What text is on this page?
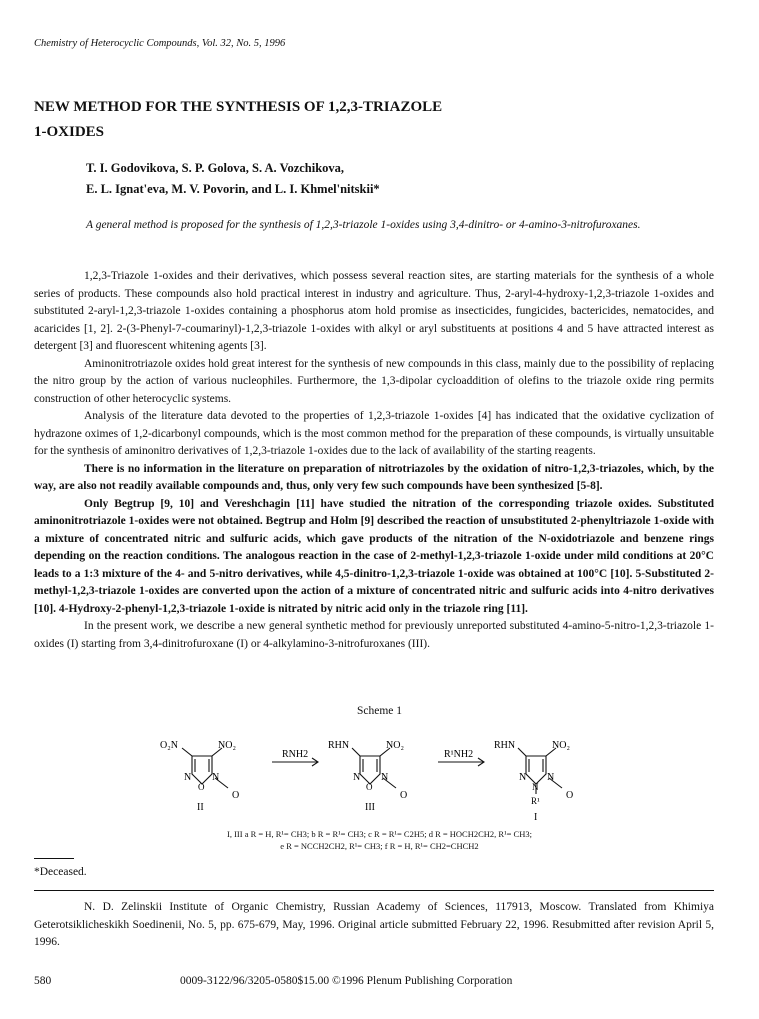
Chemistry of Heterocyclic Compounds, Vol. 32, No. 5, 1996
NEW METHOD FOR THE SYNTHESIS OF 1,2,3-TRIAZOLE
1-OXIDES
T. I. Godovikova, S. P. Golova, S. A. Vozchikova,
E. L. Ignat'eva, M. V. Povorin, and L. I. Khmel'nitskii*
A general method is proposed for the synthesis of 1,2,3-triazole 1-oxides using 3,4-dinitro- or 4-amino-3-nitrofuroxanes.

1,2,3-Triazole 1-oxides and their derivatives, which possess several reaction sites, are starting materials for the synthesis of a whole series of products. These compounds also hold practical interest in industry and agriculture. Thus, 2-aryl-4-hydroxy-1,2,3-triazole 1-oxides and substituted 2-aryl-1,2,3-triazole 1-oxides containing a phosphorus atom hold promise as insecticides, fungicides, bactericides, nematocides, and acaricides [1, 2]. 2-(3-Phenyl-7-coumarinyl)-1,2,3-triazole 1-oxides with alkyl or aryl substituents at positions 4 and 5 have attracted interest as detergent [3] and fluorescent whitening agents [3].

Aminonitrotriazole oxides hold great interest for the synthesis of new compounds in this class, mainly due to the possibility of replacing the nitro group by the action of various nucleophiles. Furthermore, the 1,3-dipolar cycloaddition of olefins to the triazole oxide ring permits construction of other heterocyclic systems.

Analysis of the literature data devoted to the properties of 1,2,3-triazole 1-oxides [4] has indicated that the oxidative cyclization of hydrazone oximes of 1,2-dicarbonyl compounds, which is the most common method for the preparation of these compounds, is virtually unsuitable for the synthesis of aminonitro derivatives of 1,2,3-triazole 1-oxides due to the lack of availability of the starting reagents.

There is no information in the literature on preparation of nitrotriazoles by the oxidation of nitro-1,2,3-triazoles, which, by the way, are also not readily available compounds and, thus, only very few such compounds have been synthesized [5-8].

Only Begtrup [9, 10] and Vereshchagin [11] have studied the nitration of the corresponding triazole oxides. Substituted aminonitrotriazole 1-oxides were not obtained. Begtrup and Holm [9] described the reaction of unsubstituted 2-phenyltriazole 1-oxide with a mixture of concentrated nitric and sulfuric acids, which gave products of the nitration of the N-oxidotriazole and benzene rings depending on the reaction conditions. The analogous reaction in the case of 2-methyl-1,2,3-triazole 1-oxide under mild conditions at 20°C leads to a 1:3 mixture of the 4- and 5-nitro derivatives, while 4,5-dinitro-1,2,3-triazole 1-oxide was obtained at 100°C [10]. 5-Substituted 2-methyl-1,2,3-triazole 1-oxides are converted upon the action of a mixture of concentrated nitric and sulfuric acids into 4-nitro derivatives [10]. 4-Hydroxy-2-phenyl-1,2,3-triazole 1-oxide is nitrated by nitric acid only in the triazole ring [11].

In the present work, we describe a new general synthetic method for previously unreported substituted 4-amino-5-nitro-1,2,3-triazole 1-oxides (I) starting from 3,4-dinitrofuroxane (I) or 4-alkylamino-3-nitrofuroxanes (III).

Scheme 1
O₂N	NO₂
N
O
N
O
II
RNH2
RHN	NO₂
N
O
N
O
III
R¹NH2
RHN	NO₂
N
N
N
R¹	O
I
I, III a R = H, R¹= CH3; b R = R¹= CH3; c R = R¹= C2H5; d R = HOCH2CH2, R¹= CH3;
e R = NCCH2CH2, R¹= CH3; f R = H, R¹= CH2=CHCH2
*Deceased.

N. D. Zelinskii Institute of Organic Chemistry, Russian Academy of Sciences, 117913, Moscow. Translated from Khimiya Geterotsiklicheskikh Soedinenii, No. 5, pp. 675-679, May, 1996. Original article submitted February 22, 1996. Resubmitted after revision April 5, 1996.

580	0009-3122/96/3205-0580$15.00 ©1996 Plenum Publishing Corporation
